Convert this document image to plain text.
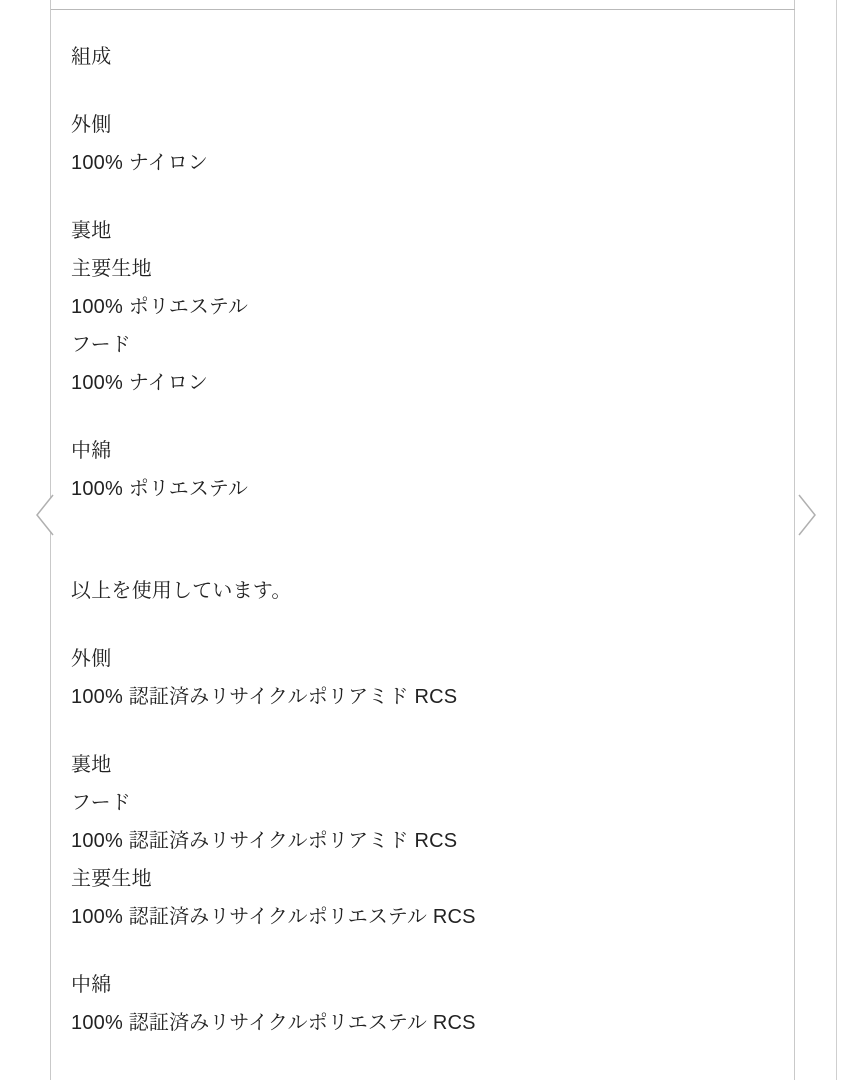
組成

外側

100% ナイロン

裏地

主要生地

100% ポリエステル

フード

100% ナイロン

中綿

100% ポリエステル

以上を使用しています。

外側

100% 認証済みリサイクルポリアミド RCS

裏地

フード

100% 認証済みリサイクルポリアミド RCS

主要生地

100% 認証済みリサイクルポリエステル RCS

中綿

100% 認証済みリサイクルポリエステル RCS
